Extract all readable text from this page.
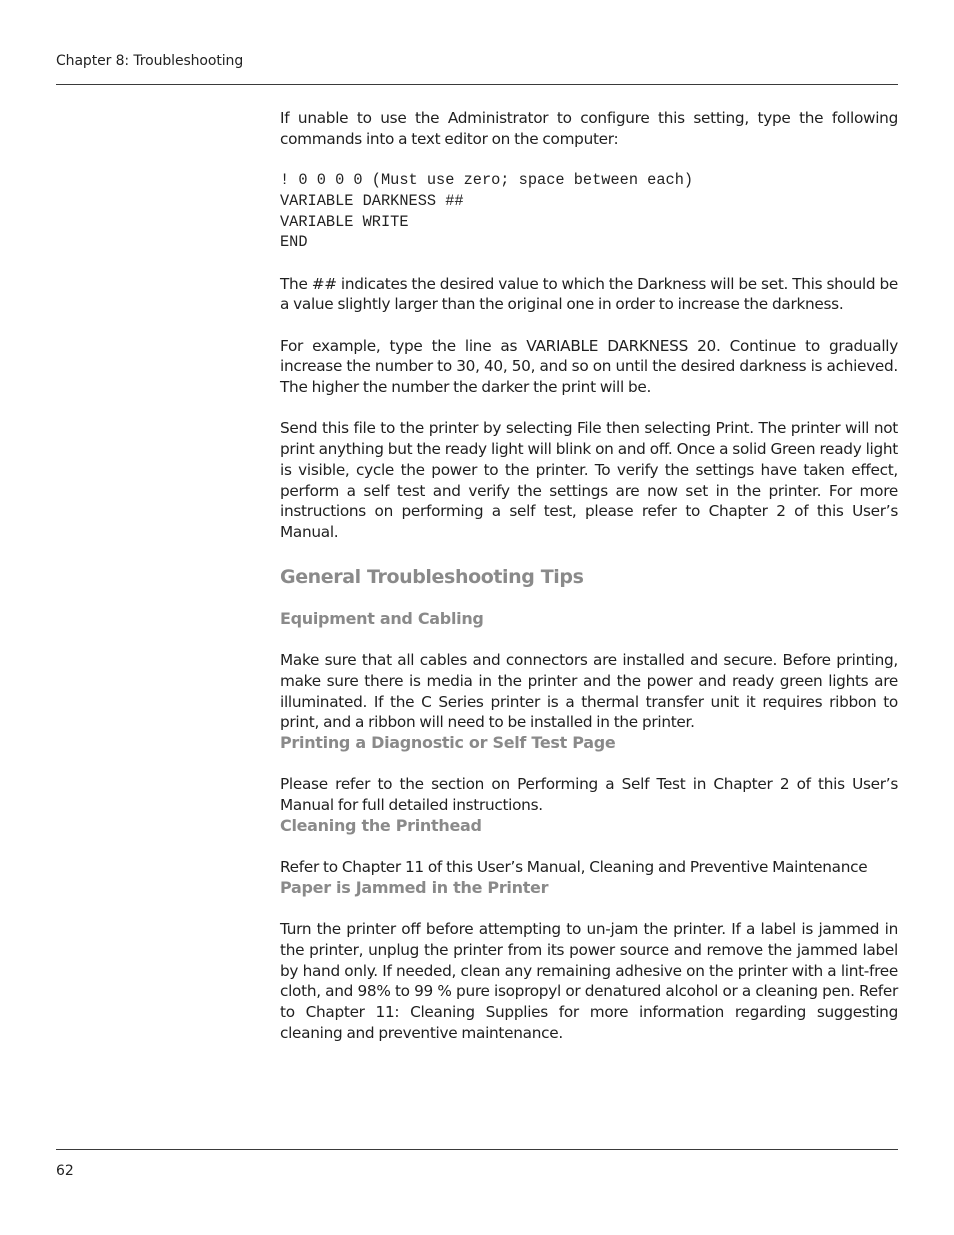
Chapter 8: Troubleshooting

If unable to use the Administrator to configure this setting, type the following commands into a text editor on the computer:

! 0 0 0 0 (Must use zero; space between each)
VARIABLE DARKNESS ##
VARIABLE WRITE
END

The ## indicates the desired value to which the Darkness will be set. This should be a value slightly larger than the original one in order to increase the darkness.

For example, type the line as VARIABLE DARKNESS 20. Continue to gradually increase the number to 30, 40, 50, and so on until the desired darkness is achieved. The higher the number the darker the print will be.

Send this file to the printer by selecting File then selecting Print. The printer will not print anything but the ready light will blink on and off. Once a solid Green ready light is visible, cycle the power to the printer. To verify the settings have taken effect, perform a self test and verify the settings are now set in the printer. For more instructions on performing a self test, please refer to Chapter 2 of this User’s Manual.

General Troubleshooting Tips
Equipment and Cabling

Make sure that all cables and connectors are installed and secure. Before printing, make sure there is media in the printer and the power and ready green lights are illuminated. If the C Series printer is a thermal transfer unit it requires ribbon to print, and a ribbon will need to be installed in the printer.

Printing a Diagnostic or Self Test Page

Please refer to the section on Performing a Self Test in Chapter 2 of this User’s Manual for full detailed instructions.

Cleaning the Printhead

Refer to Chapter 11 of this User’s Manual, Cleaning and Preventive Maintenance

Paper is Jammed in the Printer

Turn the printer off before attempting to un-jam the printer. If a label is jammed in the printer, unplug the printer from its power source and remove the jammed label by hand only. If needed, clean any remaining adhesive on the printer with a lint-free cloth, and 98% to 99 % pure isopropyl or denatured alcohol or a cleaning pen. Refer to Chapter 11: Cleaning Supplies for more information regarding suggesting cleaning and preventive maintenance.

62
